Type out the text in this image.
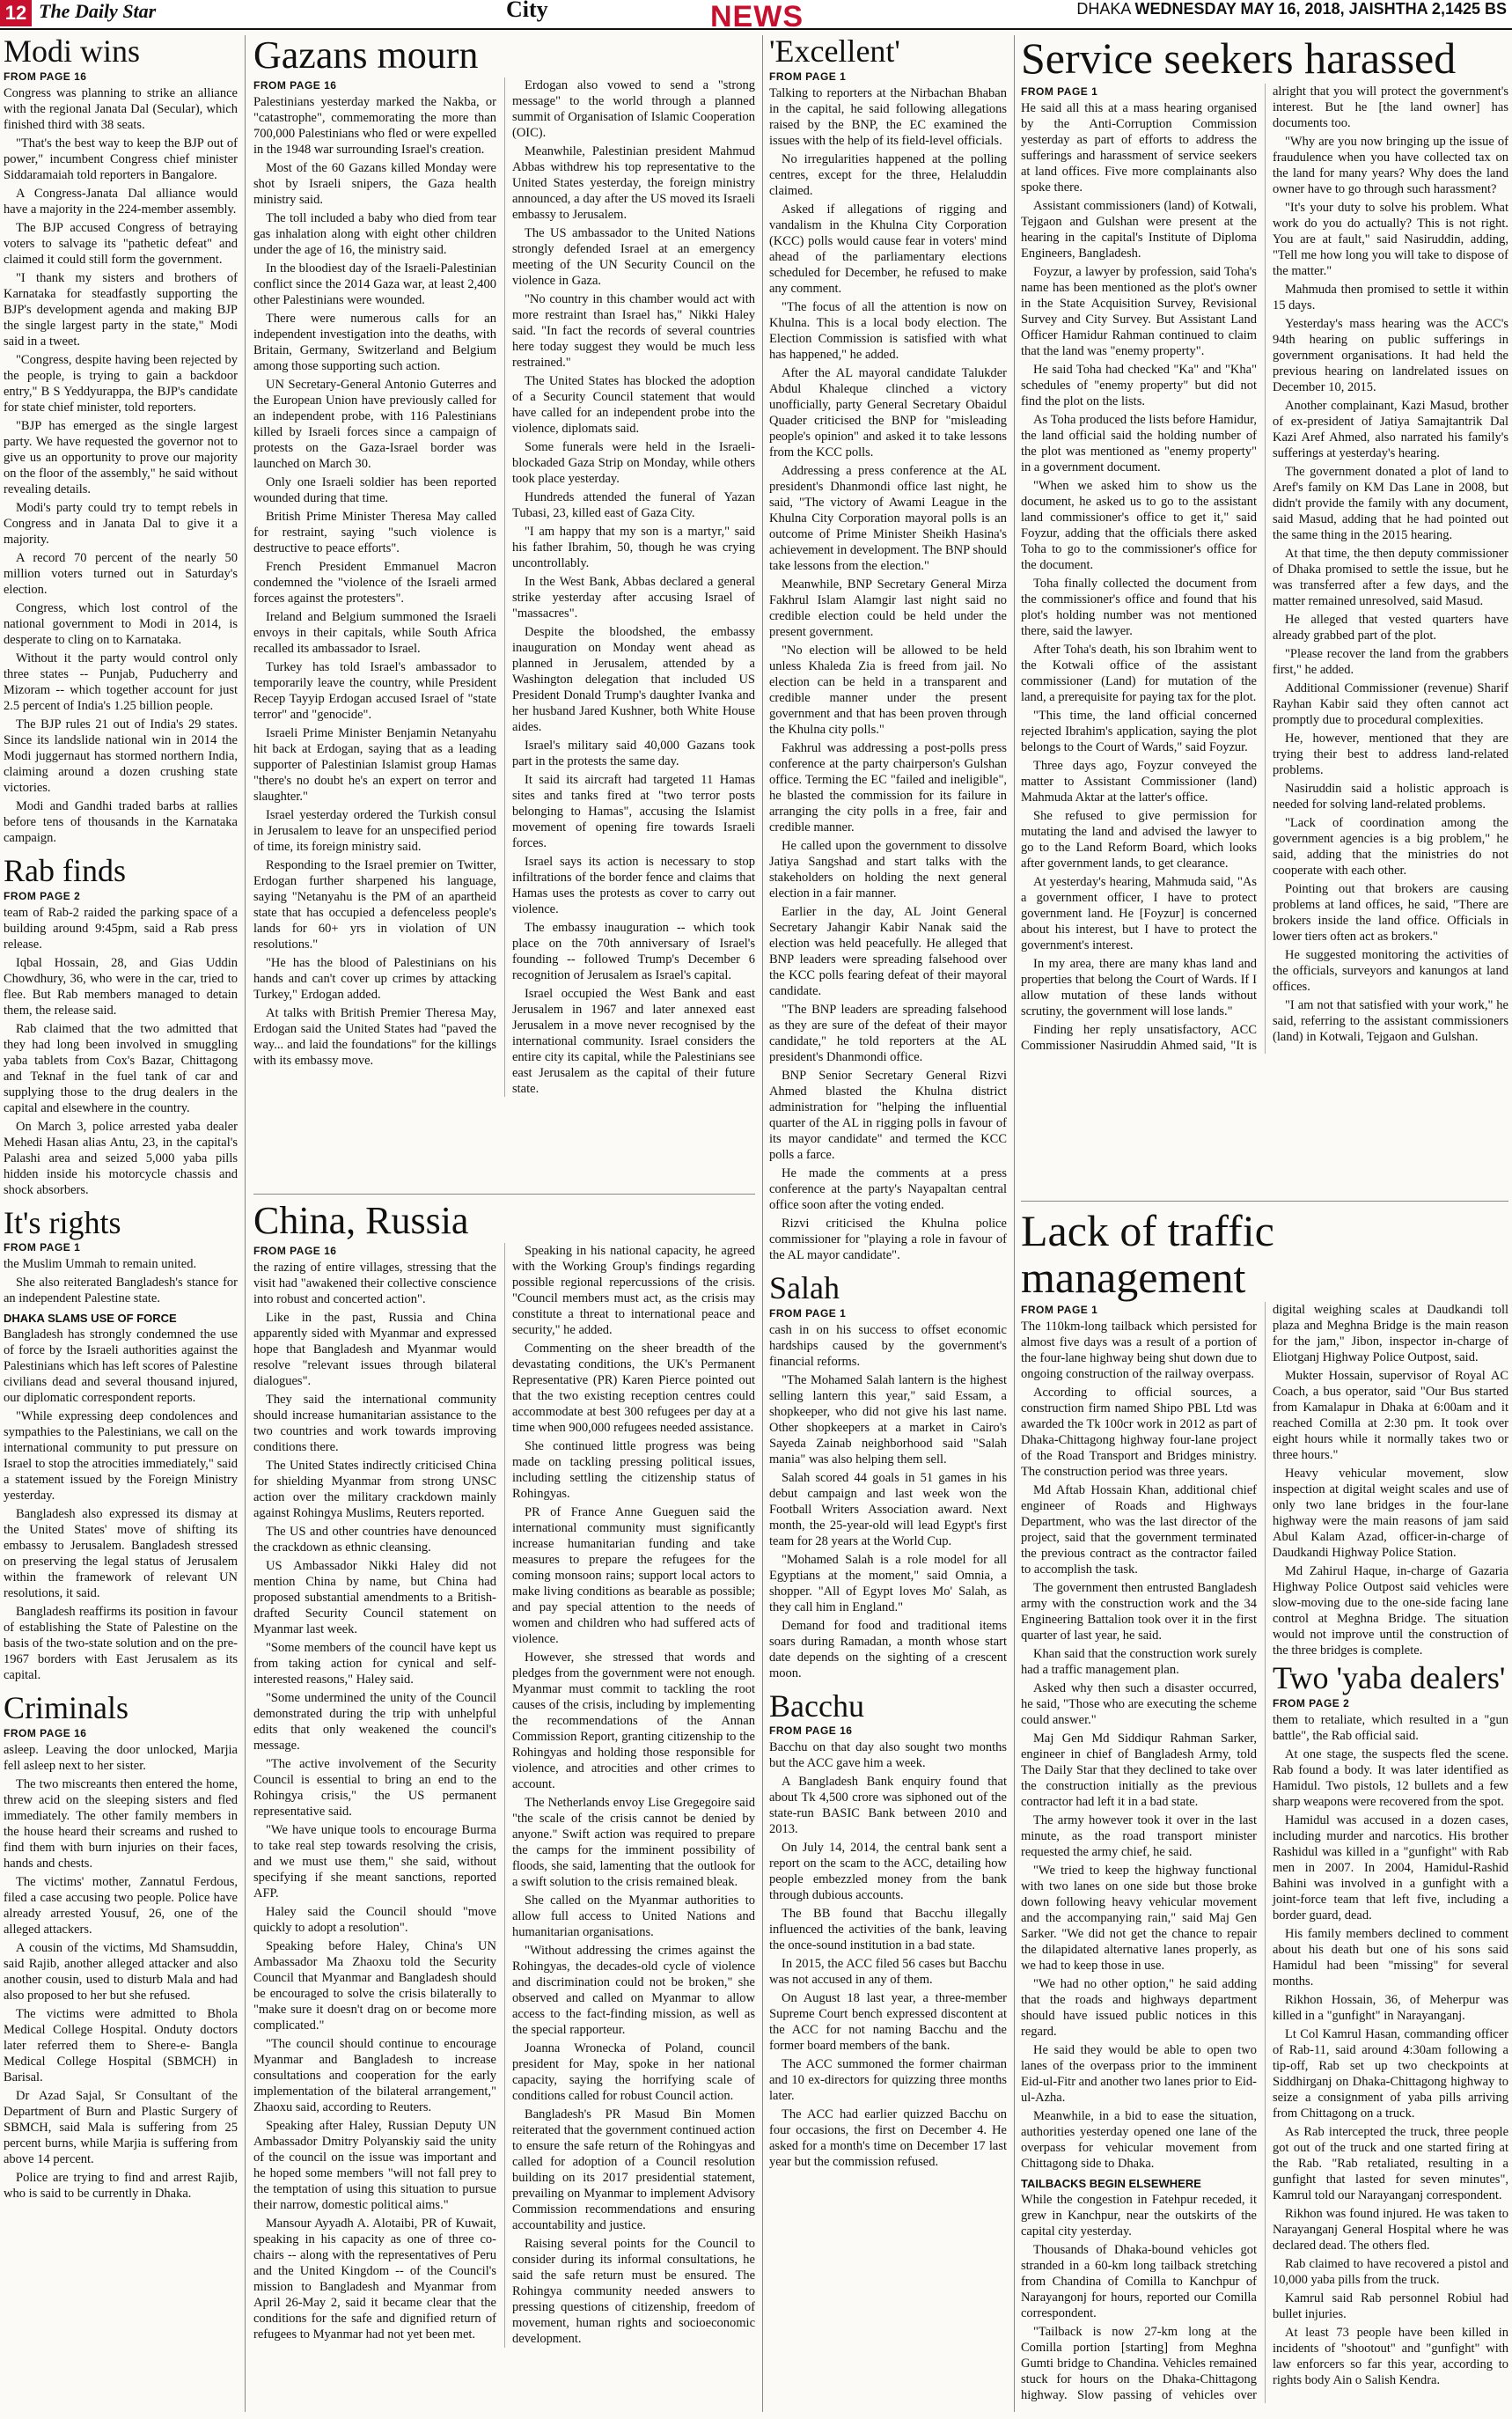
12 The Daily Star	City	NEWS	DHAKA WEDNESDAY MAY 16, 2018, JAISHTHA 2,1425 BS
Modi wins
FROM PAGE 16

Congress was planning to strike an alliance with the regional Janata Dal (Secular), which finished third with 38 seats.

"That's the best way to keep the BJP out of power," incumbent Congress chief minister Siddaramaiah told reporters in Bangalore.

A Congress-Janata Dal alliance would have a majority in the 224-member assembly.

The BJP accused Congress of betraying voters to salvage its "pathetic defeat" and claimed it could still form the government.

"I thank my sisters and brothers of Karnataka for steadfastly supporting the BJP's development agenda and making BJP the single largest party in the state," Modi said in a tweet.

"Congress, despite having been rejected by the people, is trying to gain a backdoor entry," B S Yeddyurappa, the BJP's candidate for state chief minister, told reporters.

"BJP has emerged as the single largest party. We have requested the governor not to give us an opportunity to prove our majority on the floor of the assembly," he said without revealing details.

Modi's party could try to tempt rebels in Congress and in Janata Dal to give it a majority.

A record 70 percent of the nearly 50 million voters turned out in Saturday's election.

Congress, which lost control of the national government to Modi in 2014, is desperate to cling on to Karnataka.

Without it the party would control only three states -- Punjab, Puducherry and Mizoram -- which together account for just 2.5 percent of India's 1.25 billion people.

The BJP rules 21 out of India's 29 states. Since its landslide national win in 2014 the Modi juggernaut has stormed northern India, claiming around a dozen crushing state victories.

Modi and Gandhi traded barbs at rallies before tens of thousands in the Karnataka campaign.

Rab finds
FROM PAGE 2

team of Rab-2 raided the parking space of a building around 9:45pm, said a Rab press release.

Iqbal Hossain, 28, and Gias Uddin Chowdhury, 36, who were in the car, tried to flee. But Rab members managed to detain them, the release said.

Rab claimed that the two admitted that they had long been involved in smuggling yaba tablets from Cox's Bazar, Chittagong and Teknaf in the fuel tank of car and supplying those to the drug dealers in the capital and elsewhere in the country.

On March 3, police arrested yaba dealer Mehedi Hasan alias Antu, 23, in the capital's Palashi area and seized 5,000 yaba pills hidden inside his motorcycle chassis and shock absorbers.

It's rights
FROM PAGE 1

the Muslim Ummah to remain united.

She also reiterated Bangladesh's stance for an independent Palestine state.

DHAKA SLAMS USE OF FORCE

Bangladesh has strongly condemned the use of force by the Israeli authorities against the Palestinians which has left scores of Palestine civilians dead and several thousand injured, our diplomatic correspondent reports.

"While expressing deep condolences and sympathies to the Palestinians, we call on the international community to put pressure on Israel to stop the atrocities immediately," said a statement issued by the Foreign Ministry yesterday.

Bangladesh also expressed its dismay at the United States' move of shifting its embassy to Jerusalem. Bangladesh stressed on preserving the legal status of Jerusalem within the framework of relevant UN resolutions, it said.

Bangladesh reaffirms its position in favour of establishing the State of Palestine on the basis of the two-state solution and on the pre- 1967 borders with East Jerusalem as its capital.

Criminals
FROM PAGE 16

asleep. Leaving the door unlocked, Marjia fell asleep next to her sister.

The two miscreants then entered the home, threw acid on the sleeping sisters and fled immediately. The other family members in the house heard their screams and rushed to find them with burn injuries on their faces, hands and chests.

The victims' mother, Zannatul Ferdous, filed a case accusing two people. Police have already arrested Yousuf, 26, one of the alleged attackers.

A cousin of the victims, Md Shamsuddin, said Rajib, another alleged attacker and also another cousin, used to disturb Mala and had also proposed to her but she refused.

The victims were admitted to Bhola Medical College Hospital. Onduty doctors later referred them to Shere-e- Bangla Medical College Hospital (SBMCH) in Barisal.

Dr Azad Sajal, Sr Consultant of the Department of Burn and Plastic Surgery of SBMCH, said Mala is suffering from 25 percent burns, while Marjia is suffering from above 14 percent.

Police are trying to find and arrest Rajib, who is said to be currently in Dhaka.

Gazans mourn
FROM PAGE 16

Palestinians yesterday marked the Nakba, or "catastrophe", commemorating the more than 700,000 Palestinians who fled or were expelled in the 1948 war surrounding Israel's creation.

Most of the 60 Gazans killed Monday were shot by Israeli snipers, the Gaza health ministry said.

The toll included a baby who died from tear gas inhalation along with eight other children under the age of 16, the ministry said.

In the bloodiest day of the Israeli-Palestinian conflict since the 2014 Gaza war, at least 2,400 other Palestinians were wounded.

There were numerous calls for an independent investigation into the deaths, with Britain, Germany, Switzerland and Belgium among those supporting such action.

UN Secretary-General Antonio Guterres and the European Union have previously called for an independent probe, with 116 Palestinians killed by Israeli forces since a campaign of protests on the Gaza-Israel border was launched on March 30.

Only one Israeli soldier has been reported wounded during that time.

British Prime Minister Theresa May called for restraint, saying "such violence is destructive to peace efforts".

French President Emmanuel Macron condemned the "violence of the Israeli armed forces against the protesters".

Ireland and Belgium summoned the Israeli envoys in their capitals, while South Africa recalled its ambassador to Israel.

Turkey has told Israel's ambassador to temporarily leave the country, while President Recep Tayyip Erdogan accused Israel of "state terror" and "genocide".

Israeli Prime Minister Benjamin Netanyahu hit back at Erdogan, saying that as a leading supporter of Palestinian Islamist group Hamas "there's no doubt he's an expert on terror and slaughter."

Israel yesterday ordered the Turkish consul in Jerusalem to leave for an unspecified period of time, its foreign ministry said.

Responding to the Israel premier on Twitter, Erdogan further sharpened his language, saying "Netanyahu is the PM of an apartheid state that has occupied a defenceless people's lands for 60+ yrs in violation of UN resolutions."

"He has the blood of Palestinians on his hands and can't cover up crimes by attacking Turkey," Erdogan added.

At talks with British Premier Theresa May, Erdogan said the United States had "paved the way... and laid the foundations" for the killings with its embassy move.

Erdogan also vowed to send a "strong message" to the world through a planned summit of Organisation of Islamic Cooperation (OIC).

Meanwhile, Palestinian president Mahmud Abbas withdrew his top representative to the United States yesterday, the foreign ministry announced, a day after the US moved its Israeli embassy to Jerusalem.

The US ambassador to the United Nations strongly defended Israel at an emergency meeting of the UN Security Council on the violence in Gaza.

"No country in this chamber would act with more restraint than Israel has," Nikki Haley said. "In fact the records of several countries here today suggest they would be much less restrained."

The United States has blocked the adoption of a Security Council statement that would have called for an independent probe into the violence, diplomats said.

Some funerals were held in the Israeli-blockaded Gaza Strip on Monday, while others took place yesterday.

Hundreds attended the funeral of Yazan Tubasi, 23, killed east of Gaza City.

"I am happy that my son is a martyr," said his father Ibrahim, 50, though he was crying uncontrollably.

In the West Bank, Abbas declared a general strike yesterday after accusing Israel of "massacres".

Despite the bloodshed, the embassy inauguration on Monday went ahead as planned in Jerusalem, attended by a Washington delegation that included US President Donald Trump's daughter Ivanka and her husband Jared Kushner, both White House aides.

Israel's military said 40,000 Gazans took part in the protests the same day.

It said its aircraft had targeted 11 Hamas sites and tanks fired at "two terror posts belonging to Hamas", accusing the Islamist movement of opening fire towards Israeli forces.

Israel says its action is necessary to stop infiltrations of the border fence and claims that Hamas uses the protests as cover to carry out violence.

The embassy inauguration -- which took place on the 70th anniversary of Israel's founding -- followed Trump's December 6 recognition of Jerusalem as Israel's capital.

Israel occupied the West Bank and east Jerusalem in 1967 and later annexed east Jerusalem in a move never recognised by the international community. Israel considers the entire city its capital, while the Palestinians see east Jerusalem as the capital of their future state.

China, Russia
FROM PAGE 16

the razing of entire villages, stressing that the visit had "awakened their collective conscience into robust and concerted action".

Like in the past, Russia and China apparently sided with Myanmar and expressed hope that Bangladesh and Myanmar would resolve "relevant issues through bilateral dialogues".

They said the international community should increase humanitarian assistance to the two countries and work towards improving conditions there.

The United States indirectly criticised China for shielding Myanmar from strong UNSC action over the military crackdown mainly against Rohingya Muslims, Reuters reported.

The US and other countries have denounced the crackdown as ethnic cleansing.

US Ambassador Nikki Haley did not mention China by name, but China had proposed substantial amendments to a British-drafted Security Council statement on Myanmar last week.

"Some members of the council have kept us from taking action for cynical and self-interested reasons," Haley said.

"Some undermined the unity of the Council demonstrated during the trip with unhelpful edits that only weakened the council's message.

"The active involvement of the Security Council is essential to bring an end to the Rohingya crisis," the US permanent representative said.

"We have unique tools to encourage Burma to take real step towards resolving the crisis, and we must use them," she said, without specifying if she meant sanctions, reported AFP.

Haley said the Council should "move quickly to adopt a resolution".

Speaking before Haley, China's UN Ambassador Ma Zhaoxu told the Security Council that Myanmar and Bangladesh should be encouraged to solve the crisis bilaterally to "make sure it doesn't drag on or become more complicated."

"The council should continue to encourage Myanmar and Bangladesh to increase consultations and cooperation for the early implementation of the bilateral arrangement," Zhaoxu said, according to Reuters.

Speaking after Haley, Russian Deputy UN Ambassador Dmitry Polyanskiy said the unity of the council on the issue was important and he hoped some members "will not fall prey to the temptation of using this situation to pursue their narrow, domestic political aims."

Mansour Ayyadh A. Alotaibi, PR of Kuwait, speaking in his capacity as one of three co-chairs -- along with the representatives of Peru and the United Kingdom -- of the Council's mission to Bangladesh and Myanmar from April 26-May 2, said it became clear that the conditions for the safe and dignified return of refugees to Myanmar had not yet been met.

Speaking in his national capacity, he agreed with the Working Group's findings regarding possible regional repercussions of the crisis. "Council members must act, as the crisis may constitute a threat to international peace and security," he added.

Commenting on the sheer breadth of the devastating conditions, the UK's Permanent Representative (PR) Karen Pierce pointed out that the two existing reception centres could accommodate at best 300 refugees per day at a time when 900,000 refugees needed assistance.

She continued little progress was being made on tackling pressing political issues, including settling the citizenship status of Rohingyas.

PR of France Anne Gueguen said the international community must significantly increase humanitarian funding and take measures to prepare the refugees for the coming monsoon rains; support local actors to make living conditions as bearable as possible; and pay special attention to the needs of women and children who had suffered acts of violence.

However, she stressed that words and pledges from the government were not enough. Myanmar must commit to tackling the root causes of the crisis, including by implementing the recommendations of the Annan Commission Report, granting citizenship to the Rohingyas and holding those responsible for violence, and atrocities and other crimes to account.

The Netherlands envoy Lise Gregegoire said "the scale of the crisis cannot be denied by anyone." Swift action was required to prepare the camps for the imminent possibility of floods, she said, lamenting that the outlook for a swift solution to the crisis remained bleak.

She called on the Myanmar authorities to allow full access to United Nations and humanitarian organisations.

"Without addressing the crimes against the Rohingyas, the decades-old cycle of violence and discrimination could not be broken," she observed and called on Myanmar to allow access to the fact-finding mission, as well as the special rapporteur.

Joanna Wronecka of Poland, council president for May, spoke in her national capacity, saying the horrifying scale of conditions called for robust Council action.

Bangladesh's PR Masud Bin Momen reiterated that the government continued action to ensure the safe return of the Rohingyas and called for adoption of a Council resolution building on its 2017 presidential statement, prevailing on Myanmar to implement Advisory Commission recommendations and ensuring accountability and justice.

Raising several points for the Council to consider during its informal consultations, he said the safe return must be ensured. The Rohingya community needed answers to pressing questions of citizenship, freedom of movement, human rights and socioeconomic development.

'Excellent'
FROM PAGE 1

Talking to reporters at the Nirbachan Bhaban in the capital, he said following allegations raised by the BNP, the EC examined the issues with the help of its field-level officials.

No irregularities happened at the polling centres, except for the three, Helaluddin claimed.

Asked if allegations of rigging and vandalism in the Khulna City Corporation (KCC) polls would cause fear in voters' mind ahead of the parliamentary elections scheduled for December, he refused to make any comment.

"The focus of all the attention is now on Khulna. This is a local body election. The Election Commission is satisfied with what has happened," he added.

After the AL mayoral candidate Talukder Abdul Khaleque clinched a victory unofficially, party General Secretary Obaidul Quader criticised the BNP for "misleading people's opinion" and asked it to take lessons from the KCC polls.

Addressing a press conference at the AL president's Dhanmondi office last night, he said, "The victory of Awami League in the Khulna City Corporation mayoral polls is an outcome of Prime Minister Sheikh Hasina's achievement in development. The BNP should take lessons from the election."

Meanwhile, BNP Secretary General Mirza Fakhrul Islam Alamgir last night said no credible election could be held under the present government.

"No election will be allowed to be held unless Khaleda Zia is freed from jail. No election can be held in a transparent and credible manner under the present government and that has been proven through the Khulna city polls."

Fakhrul was addressing a post-polls press conference at the party chairperson's Gulshan office. Terming the EC "failed and ineligible", he blasted the commission for its failure in arranging the city polls in a free, fair and credible manner.

He called upon the government to dissolve Jatiya Sangshad and start talks with the stakeholders on holding the next general election in a fair manner.

Earlier in the day, AL Joint General Secretary Jahangir Kabir Nanak said the election was held peacefully. He alleged that BNP leaders were spreading falsehood over the KCC polls fearing defeat of their mayoral candidate.

"The BNP leaders are spreading falsehood as they are sure of the defeat of their mayor candidate," he told reporters at the AL president's Dhanmondi office.

BNP Senior Secretary General Rizvi Ahmed blasted the Khulna district administration for "helping the influential quarter of the AL in rigging polls in favour of its mayor candidate" and termed the KCC polls a farce.

He made the comments at a press conference at the party's Nayapaltan central office soon after the voting ended.

Rizvi criticised the Khulna police commissioner for "playing a role in favour of the AL mayor candidate".

Salah
FROM PAGE 1

cash in on his success to offset economic hardships caused by the government's financial reforms.

"The Mohamed Salah lantern is the highest selling lantern this year," said Essam, a shopkeeper, who did not give his last name. Other shopkeepers at a market in Cairo's Sayeda Zainab neighborhood said "Salah mania" was also helping them sell.

Salah scored 44 goals in 51 games in his debut campaign and last week won the Football Writers Association award. Next month, the 25-year-old will lead Egypt's first team for 28 years at the World Cup.

"Mohamed Salah is a role model for all Egyptians at the moment," said Omnia, a shopper. "All of Egypt loves Mo' Salah, as they call him in England."

Demand for food and traditional items soars during Ramadan, a month whose start date depends on the sighting of a crescent moon.

Bacchu
FROM PAGE 16

Bacchu on that day also sought two months but the ACC gave him a week.

A Bangladesh Bank enquiry found that about Tk 4,500 crore was siphoned out of the state-run BASIC Bank between 2010 and 2013.

On July 14, 2014, the central bank sent a report on the scam to the ACC, detailing how people embezzled money from the bank through dubious accounts.

The BB found that Bacchu illegally influenced the activities of the bank, leaving the once-sound institution in a bad state.

In 2015, the ACC filed 56 cases but Bacchu was not accused in any of them.

On August 18 last year, a three-member Supreme Court bench expressed discontent at the ACC for not naming Bacchu and the former board members of the bank.

The ACC summoned the former chairman and 10 ex-directors for quizzing three months later.

The ACC had earlier quizzed Bacchu on four occasions, the first on December 4. He asked for a month's time on December 17 last year but the commission refused.

Service seekers harassed
FROM PAGE 1

He said all this at a mass hearing organised by the Anti-Corruption Commission yesterday as part of efforts to address the sufferings and harassment of service seekers at land offices. Five more complainants also spoke there.

Assistant commissioners (land) of Kotwali, Tejgaon and Gulshan were present at the hearing in the capital's Institute of Diploma Engineers, Bangladesh.

Foyzur, a lawyer by profession, said Toha's name has been mentioned as the plot's owner in the State Acquisition Survey, Revisional Survey and City Survey. But Assistant Land Officer Hamidur Rahman continued to claim that the land was "enemy property".

He said Toha had checked "Ka" and "Kha" schedules of "enemy property" but did not find the plot on the lists.

As Toha produced the lists before Hamidur, the land official said the holding number of the plot was mentioned as "enemy property" in a government document.

"When we asked him to show us the document, he asked us to go to the assistant land commissioner's office to get it," said Foyzur, adding that the officials there asked Toha to go to the commissioner's office for the document.

Toha finally collected the document from the commissioner's office and found that his plot's holding number was not mentioned there, said the lawyer.

After Toha's death, his son Ibrahim went to the Kotwali office of the assistant commissioner (Land) for mutation of the land, a prerequisite for paying tax for the plot.

"This time, the land official concerned rejected Ibrahim's application, saying the plot belongs to the Court of Wards," said Foyzur.

Three days ago, Foyzur conveyed the matter to Assistant Commissioner (land) Mahmuda Aktar at the latter's office.

She refused to give permission for mutating the land and advised the lawyer to go to the Land Reform Board, which looks after government lands, to get clearance.

At yesterday's hearing, Mahmuda said, "As a government officer, I have to protect government land. He [Foyzur] is concerned about his interest, but I have to protect the government's interest.

In my area, there are many khas land and properties that belong the Court of Wards. If I allow mutation of these lands without scrutiny, the government will lose lands."

Finding her reply unsatisfactory, ACC Commissioner Nasiruddin Ahmed said, "It is alright that you will protect the government's interest. But he [the land owner] has documents too.

"Why are you now bringing up the issue of fraudulence when you have collected tax on the land for many years? Why does the land owner have to go through such harassment?

"It's your duty to solve his problem. What work do you do actually? This is not right. You are at fault," said Nasiruddin, adding, "Tell me how long you will take to dispose of the matter."

Mahmuda then promised to settle it within 15 days.

Yesterday's mass hearing was the ACC's 94th hearing on public sufferings in government organisations. It had held the previous hearing on landrelated issues on December 10, 2015.

Another complainant, Kazi Masud, brother of ex-president of Jatiya Samajtantrik Dal Kazi Aref Ahmed, also narrated his family's sufferings at yesterday's hearing.

The government donated a plot of land to Aref's family on KM Das Lane in 2008, but didn't provide the family with any document, said Masud, adding that he had pointed out the same thing in the 2015 hearing.

At that time, the then deputy commissioner of Dhaka promised to settle the issue, but he was transferred after a few days, and the matter remained unresolved, said Masud.

He alleged that vested quarters have already grabbed part of the plot.

"Please recover the land from the grabbers first," he added.

Additional Commissioner (revenue) Sharif Rayhan Kabir said they often cannot act promptly due to procedural complexities.

He, however, mentioned that they are trying their best to address land-related problems.

Nasiruddin said a holistic approach is needed for solving land-related problems.

"Lack of coordination among the government agencies is a big problem," he said, adding that the ministries do not cooperate with each other.

Pointing out that brokers are causing problems at land offices, he said, "There are brokers inside the land office. Officials in lower tiers often act as brokers."

He suggested monitoring the activities of the officials, surveyors and kanungos at land offices.

"I am not that satisfied with your work," he said, referring to the assistant commissioners (land) in Kotwali, Tejgaon and Gulshan.

Lack of traffic management
FROM PAGE 1

The 110km-long tailback which persisted for almost five days was a result of a portion of the four-lane highway being shut down due to ongoing construction of the railway overpass.

According to official sources, a construction firm named Shipo PBL Ltd was awarded the Tk 100cr work in 2012 as part of Dhaka-Chittagong highway four-lane project of the Road Transport and Bridges ministry. The construction period was three years.

Md Aftab Hossain Khan, additional chief engineer of Roads and Highways Department, who was the last director of the project, said that the government terminated the previous contract as the contractor failed to accomplish the task.

The government then entrusted Bangladesh army with the construction work and the 34 Engineering Battalion took over it in the first quarter of last year, he said.

Khan said that the construction work surely had a traffic management plan.

Asked why then such a disaster occurred, he said, "Those who are executing the scheme could answer."

Maj Gen Md Siddiqur Rahman Sarker, engineer in chief of Bangladesh Army, told The Daily Star that they declined to take over the construction initially as the previous contractor had left it in a bad state.

The army however took it over in the last minute, as the road transport minister requested the army chief, he said.

"We tried to keep the highway functional with two lanes on one side but those broke down following heavy vehicular movement and the accompanying rain," said Maj Gen Sarker. "We did not get the chance to repair the dilapidated alternative lanes properly, as we had to keep those in use.

"We had no other option," he said adding that the roads and highways department should have issued public notices in this regard.

He said they would be able to open two lanes of the overpass prior to the imminent Eid-ul-Fitr and another two lanes prior to Eid-ul-Azha.

Meanwhile, in a bid to ease the situation, authorities yesterday opened one lane of the overpass for vehicular movement from Chittagong side to Dhaka.

TAILBACKS BEGIN ELSEWHERE

While the congestion in Fatehpur receded, it grew in Kanchpur, near the outskirts of the capital city yesterday.

Thousands of Dhaka-bound vehicles got stranded in a 60-km long tailback stretching from Chandina of Comilla to Kanchpur of Narayangonj for hours, reported our Comilla correspondent.

"Tailback is now 27-km long at the Comilla portion [starting] from Meghna Gumti bridge to Chandina. Vehicles remained stuck for hours on the Dhaka-Chittagong highway. Slow passing of vehicles over digital weighing scales at Daudkandi toll plaza and Meghna Bridge is the main reason for the jam," Jibon, inspector in-charge of Eliotganj Highway Police Outpost, said.

Mukter Hossain, supervisor of Royal AC Coach, a bus operator, said "Our Bus started from Kamalapur in Dhaka at 6:00am and it reached Comilla at 2:30 pm. It took over eight hours while it normally takes two or three hours."

Heavy vehicular movement, slow inspection at digital weight scales and use of only two lane bridges in the four-lane highway were the main reasons of jam said Abul Kalam Azad, officer-in-charge of Daudkandi Highway Police Station.

Md Zahirul Haque, in-charge of Gazaria Highway Police Outpost said vehicles were slow-moving due to the one-side facing lane control at Meghna Bridge. The situation would not improve until the construction of the three bridges is complete.

Two 'yaba dealers'
FROM PAGE 2

them to retaliate, which resulted in a "gun battle", the Rab official said.

At one stage, the suspects fled the scene. Rab found a body. It was later identified as Hamidul. Two pistols, 12 bullets and a few sharp weapons were recovered from the spot.

Hamidul was accused in a dozen cases, including murder and narcotics. His brother Rashidul was killed in a "gunfight" with Rab men in 2007. In 2004, Hamidul-Rashid Bahini was involved in a gunfight with a joint-force team that left five, including a border guard, dead.

His family members declined to comment about his death but one of his sons said Hamidul had been "missing" for several months.

Rikhon Hossain, 36, of Meherpur was killed in a "gunfight" in Narayanganj.

Lt Col Kamrul Hasan, commanding officer of Rab-11, said around 4:30am following a tip-off, Rab set up two checkpoints at Siddhirganj on Dhaka-Chittagong highway to seize a consignment of yaba pills arriving from Chittagong on a truck.

As Rab intercepted the truck, three people got out of the truck and one started firing at the Rab. "Rab retaliated, resulting in a gunfight that lasted for seven minutes", Kamrul told our Narayanganj correspondent.

Rikhon was found injured. He was taken to Narayanganj General Hospital where he was declared dead. The others fled.

Rab claimed to have recovered a pistol and 10,000 yaba pills from the truck.

Kamrul said Rab personnel Robiul had bullet injuries.

At least 73 people have been killed in incidents of "shootout" and "gunfight" with law enforcers so far this year, according to rights body Ain o Salish Kendra.
